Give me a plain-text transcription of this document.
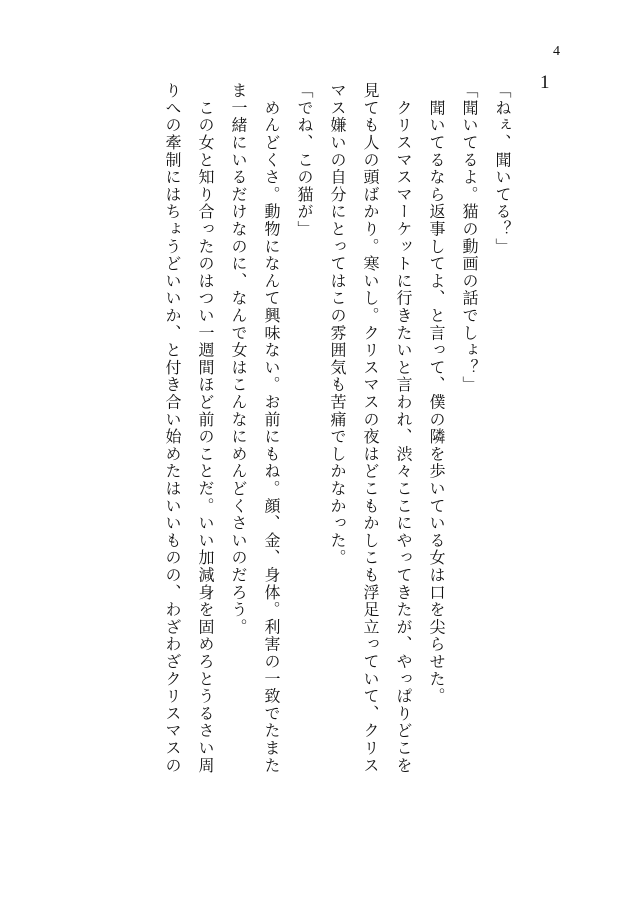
4
1

「ねぇ、聞いてる？」

「聞いてるよ。猫の動画の話でしょ？」

　聞いてるなら返事してよ、と言って、僕の隣を歩いている女は口を尖らせた。

　クリスマスマーケットに行きたいと言われ、渋々ここにやってきたが、やっぱりどこを

見ても人の頭ばかり。寒いし。クリスマスの夜はどこもかしこも浮足立っていて、クリス

マス嫌いの自分にとってはこの雰囲気も苦痛でしかなかった。

「でね、この猫が」

　めんどくさ。動物になんて興味ない。お前にもね。顔、金、身体。利害の一致でたまた

ま一緒にいるだけなのに、なんで女はこんなにめんどくさいのだろう。

　この女と知り合ったのはつい一週間ほど前のことだ。いい加減身を固めろとうるさい周

りへの牽制にはちょうどいいか、と付き合い始めたはいいものの、わざわざクリスマスの
